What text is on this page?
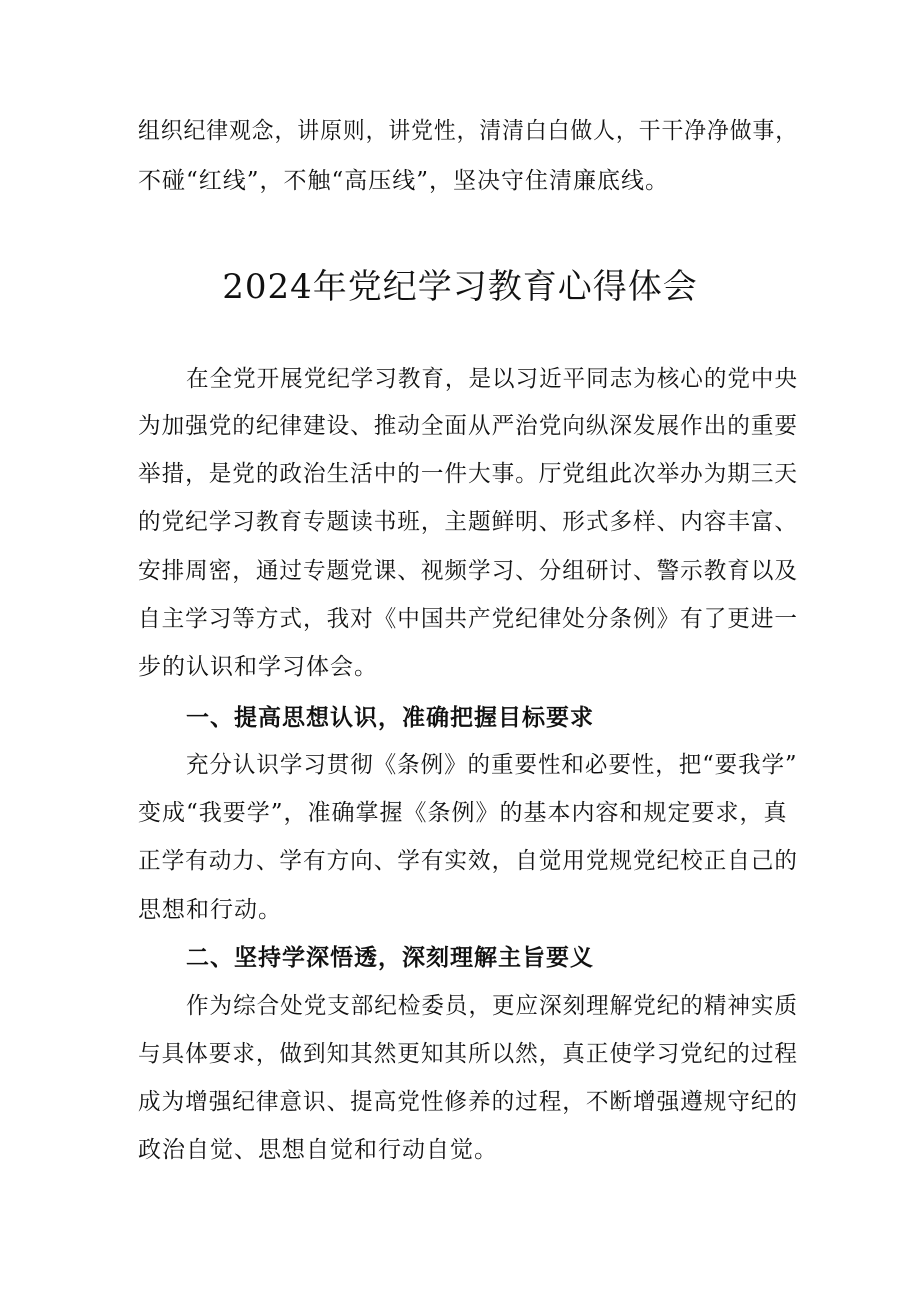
组织纪律观念，讲原则，讲党性，清清白白做人，干干净净做事，
不碰“红线”，不触“高压线”，坚决守住清廉底线。
2024年党纪学习教育心得体会
在全党开展党纪学习教育，是以习近平同志为核心的党中央
为加强党的纪律建设、推动全面从严治党向纵深发展作出的重要
举措，是党的政治生活中的一件大事。厅党组此次举办为期三天
的党纪学习教育专题读书班，主题鲜明、形式多样、内容丰富、
安排周密，通过专题党课、视频学习、分组研讨、警示教育以及
自主学习等方式，我对《中国共产党纪律处分条例》有了更进一
步的认识和学习体会。
一、提高思想认识，准确把握目标要求
充分认识学习贯彻《条例》的重要性和必要性，把“要我学”
变成“我要学”，准确掌握《条例》的基本内容和规定要求，真
正学有动力、学有方向、学有实效，自觉用党规党纪校正自己的
思想和行动。
二、坚持学深悟透，深刻理解主旨要义
作为综合处党支部纪检委员，更应深刻理解党纪的精神实质
与具体要求，做到知其然更知其所以然，真正使学习党纪的过程
成为增强纪律意识、提高党性修养的过程，不断增强遵规守纪的
政治自觉、思想自觉和行动自觉。
